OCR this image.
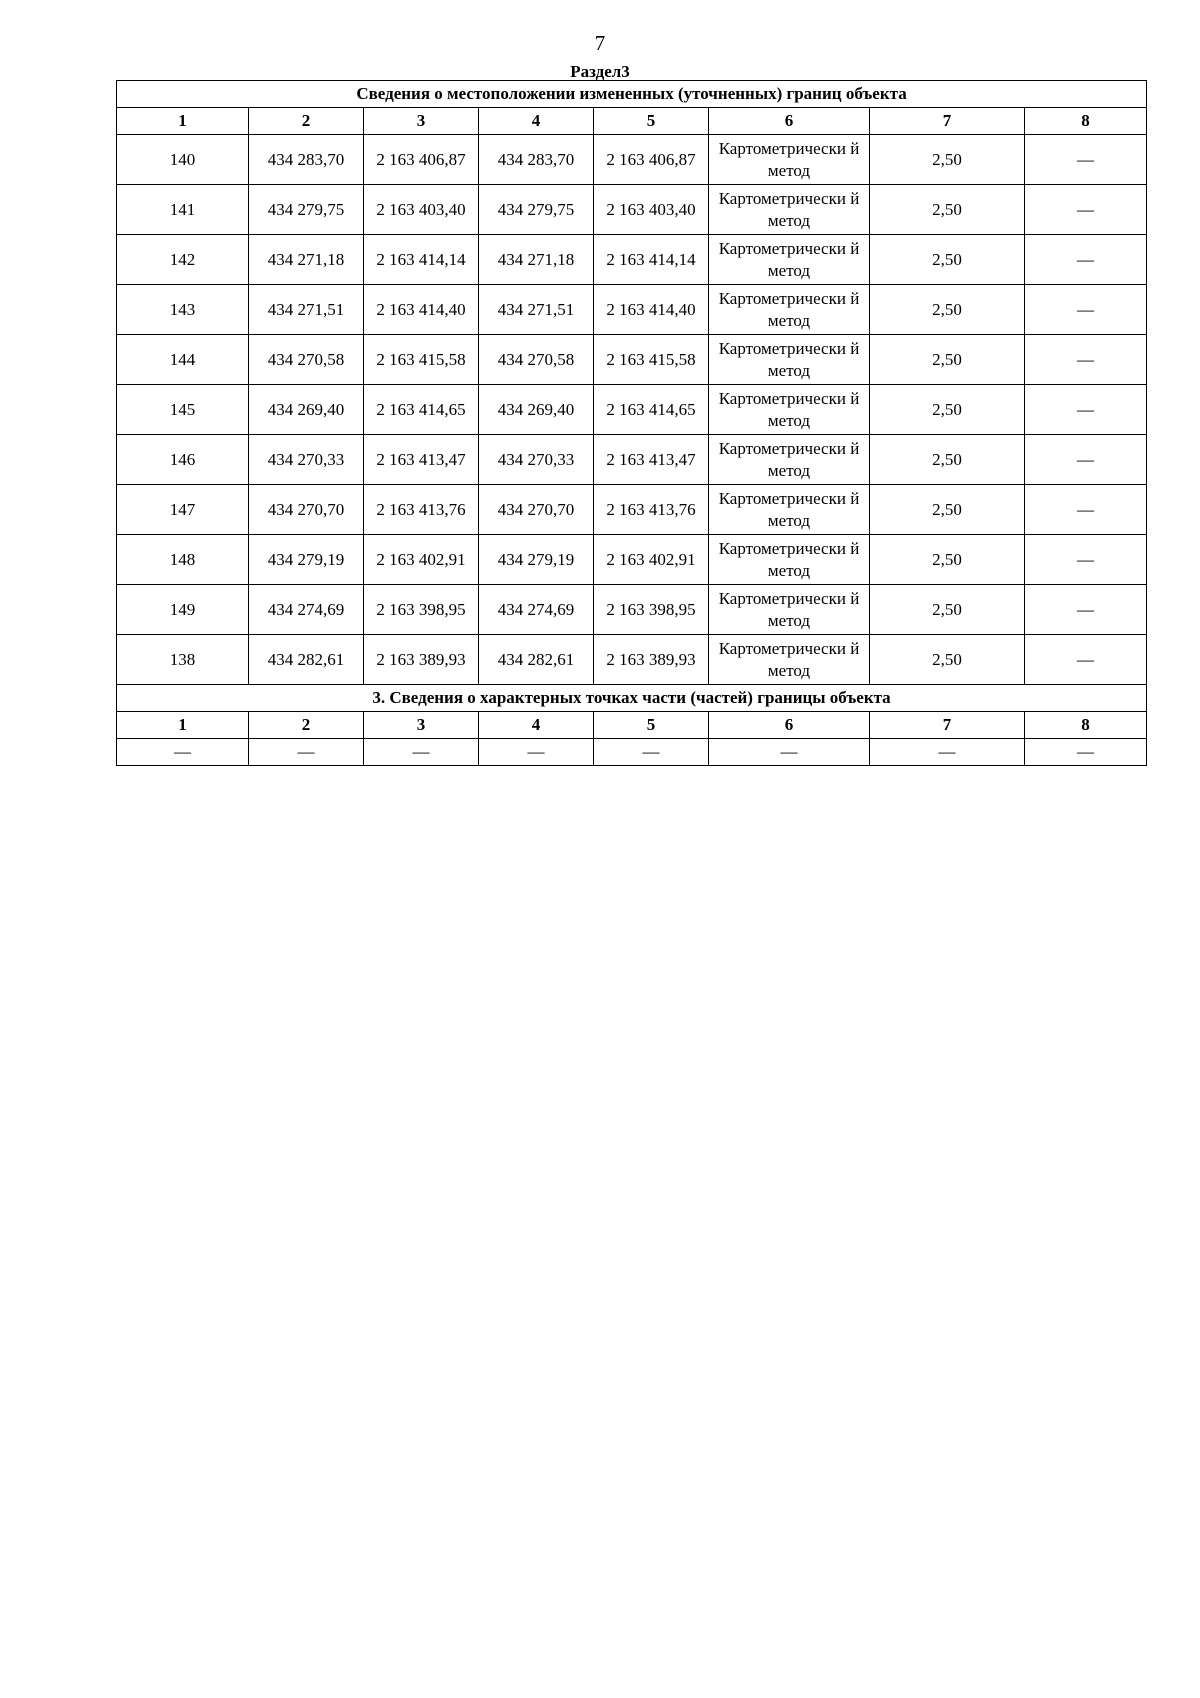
7
Раздел3
Сведения о местоположении измененных (уточненных) границ объекта							
1	2	3	4	5	6	7	8
140	434 283,70	2 163 406,87	434 283,70	2 163 406,87	Картометрически й метод	2,50	—
141	434 279,75	2 163 403,40	434 279,75	2 163 403,40	Картометрически й метод	2,50	—
142	434 271,18	2 163 414,14	434 271,18	2 163 414,14	Картометрически й метод	2,50	—
143	434 271,51	2 163 414,40	434 271,51	2 163 414,40	Картометрически й метод	2,50	—
144	434 270,58	2 163 415,58	434 270,58	2 163 415,58	Картометрически й метод	2,50	—
145	434 269,40	2 163 414,65	434 269,40	2 163 414,65	Картометрически й метод	2,50	—
146	434 270,33	2 163 413,47	434 270,33	2 163 413,47	Картометрически й метод	2,50	—
147	434 270,70	2 163 413,76	434 270,70	2 163 413,76	Картометрически й метод	2,50	—
148	434 279,19	2 163 402,91	434 279,19	2 163 402,91	Картометрически й метод	2,50	—
149	434 274,69	2 163 398,95	434 274,69	2 163 398,95	Картометрически й метод	2,50	—
138	434 282,61	2 163 389,93	434 282,61	2 163 389,93	Картометрически й метод	2,50	—
3. Сведения о характерных точках части (частей) границы объекта							
1	2	3	4	5	6	7	8
—	—	—	—	—	—	—	—
